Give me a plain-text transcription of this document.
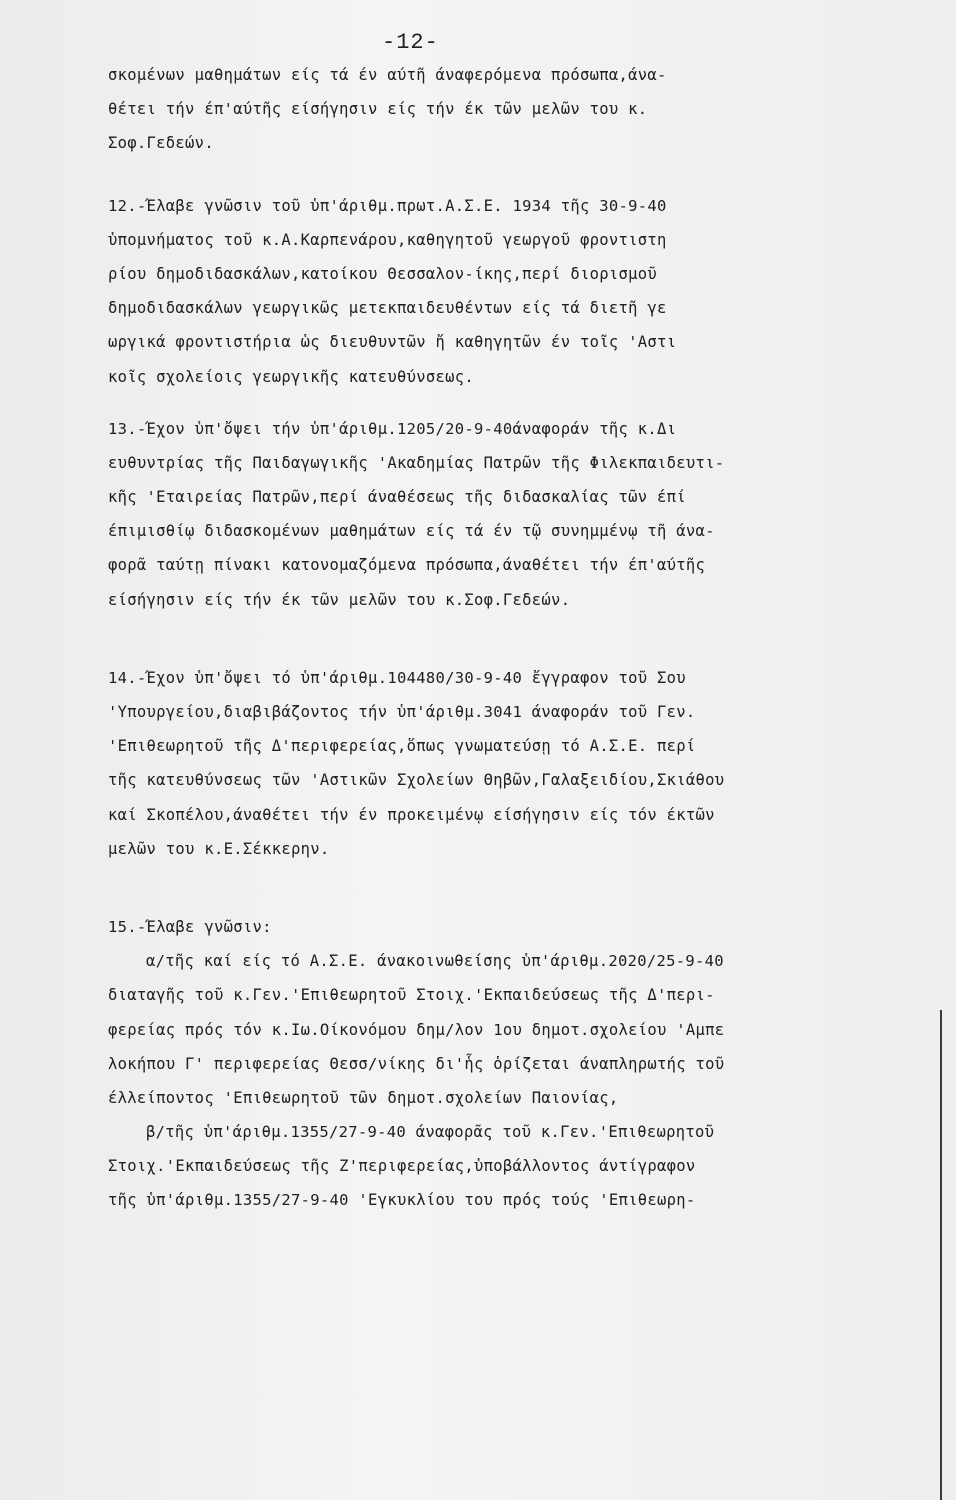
-12-
σκομένων μαθημάτων είς τά έν αύτῆ άναφερόμενα πρόσωπα,άνα-
θέτει τήν έπ'αύτῆς είσήγησιν είς τήν έκ τῶν μελῶν του κ.
Σοφ.Γεδεών.
12.-Έλαβε γνῶσιν τοῦ ὑπ'άριθμ.πρωτ.Α.Σ.Ε. 1934 τῆς 30-9-40
ὑπομνήματος τοῦ κ.Α.Καρπενάρου,καθηγητοῦ γεωργοῦ φροντιστη
ρίου δημοδιδασκάλων,κατοίκου Θεσσαλον-ίκης,περί διορισμοῦ
δημοδιδασκάλων γεωργικῶς μετεκπαιδευθέντων είς τά διετῆ γε
ωργικά φροντιστήρια ὡς διευθυντῶν ἤ καθηγητῶν έν τοῖς 'Αστι
κοῖς σχολείοις γεωργικῆς κατευθύνσεως.
13.-Έχον ὑπ'ὄψει τήν ὑπ'άριθμ.1205/20-9-40άναφοράν τῆς κ.Δι
ευθυντρίας τῆς Παιδαγωγικῆς 'Ακαδημίας Πατρῶν τῆς Φιλεκπαιδευτι-
κῆς 'Εταιρείας Πατρῶν,περί άναθέσεως τῆς διδασκαλίας τῶν έπί
έπιμισθίῳ διδασκομένων μαθημάτων είς τά έν τῷ συνημμένῳ τῆ άνα-
φορᾶ ταύτῃ πίνακι κατονομαζόμενα πρόσωπα,άναθέτει τήν έπ'αύτῆς
είσήγησιν είς τήν έκ τῶν μελῶν του κ.Σοφ.Γεδεών.
14.-Έχον ὑπ'ὄψει τό ὑπ'άριθμ.104480/30-9-40 ἔγγραφον τοῦ Σου
'Υπουργείου,διαβιβάζοντος τήν ὑπ'άριθμ.3041 άναφοράν τοῦ Γεν.
'Επιθεωρητοῦ τῆς Δ'περιφερείας,ὅπως γνωματεύσῃ τό Α.Σ.Ε. περί
τῆς κατευθύνσεως τῶν 'Αστικῶν Σχολείων Θηβῶν,Γαλαξειδίου,Σκιάθου
καί Σκοπέλου,άναθέτει τήν έν προκειμένῳ είσήγησιν είς τόν έκτῶν
μελῶν του κ.Ε.Σέκκερην.
15.-Έλαβε γνῶσιν:
α/τῆς καί είς τό Α.Σ.Ε. άνακοινωθείσης ὑπ'άριθμ.2020/25-9-40
διαταγῆς τοῦ κ.Γεν.'Επιθεωρητοῦ Στοιχ.'Εκπαιδεύσεως τῆς Δ'περι-
φερείας πρός τόν κ.Ιω.Οίκονόμου δημ/λον 1ου δημοτ.σχολείου 'Αμπε
λοκήπου Γ' περιφερείας Θεσσ/νίκης δι'ἧς ὁρίζεται άναπληρωτής τοῦ
έλλείποντος 'Επιθεωρητοῦ τῶν δημοτ.σχολείων Παιονίας,
β/τῆς ὑπ'άριθμ.1355/27-9-40 άναφορᾶς τοῦ κ.Γεν.'Επιθεωρητοῦ
Στοιχ.'Εκπαιδεύσεως τῆς Ζ'περιφερείας,ὑποβάλλοντος άντίγραφον
τῆς ὑπ'άριθμ.1355/27-9-40 'Εγκυκλίου του πρός τούς 'Επιθεωρη-
